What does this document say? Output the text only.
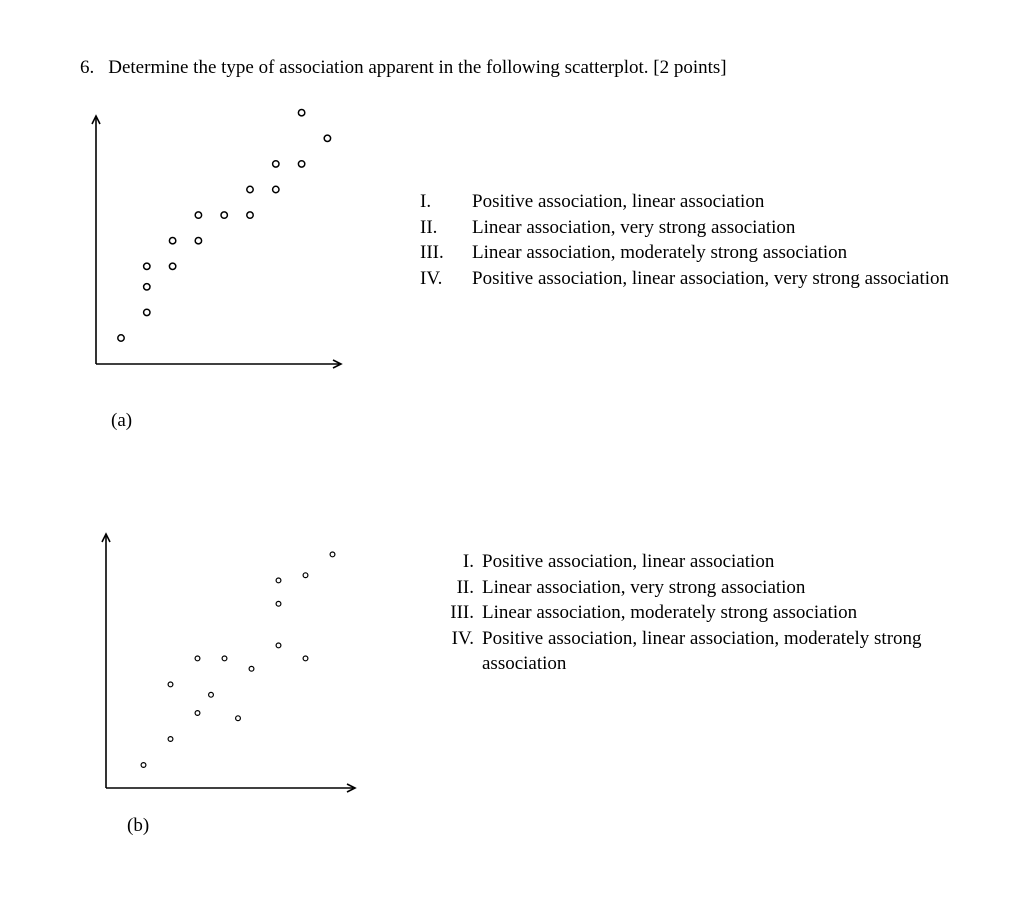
6. Determine the type of association apparent in the following scatterplot. [2 points]
(a)
I.	Positive association, linear association
II.	Linear association, very strong association
III.	Linear association, moderately strong association
IV.	Positive association, linear association, very strong association
(b)
I. Positive association, linear association
II. Linear association, very strong association
III. Linear association, moderately strong association
IV. Positive association, linear association, moderately strong association
